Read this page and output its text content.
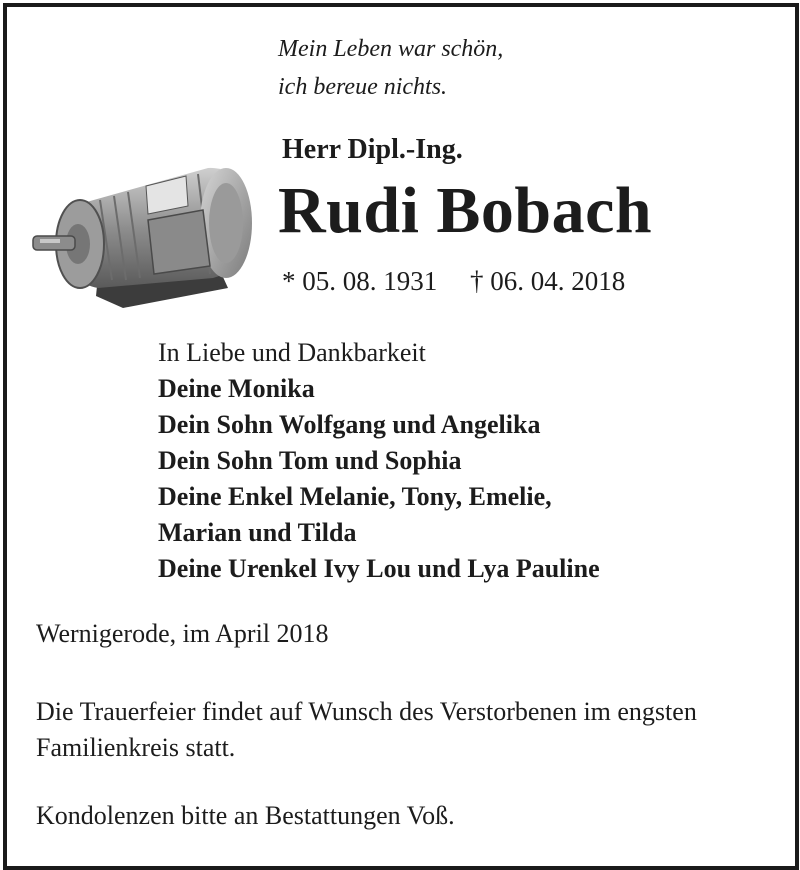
Mein Leben war schön,
ich bereue nichts.
Herr Dipl.-Ing.
Rudi Bobach
* 05. 08. 1931 † 06. 04. 2018
In Liebe und Dankbarkeit
Deine Monika
Dein Sohn Wolfgang und Angelika
Dein Sohn Tom und Sophia
Deine Enkel Melanie, Tony, Emelie,
Marian und Tilda
Deine Urenkel Ivy Lou und Lya Pauline
Wernigerode, im April 2018
Die Trauerfeier findet auf Wunsch des Verstorbenen im engsten Familienkreis statt.
Kondolenzen bitte an Bestattungen Voß.
